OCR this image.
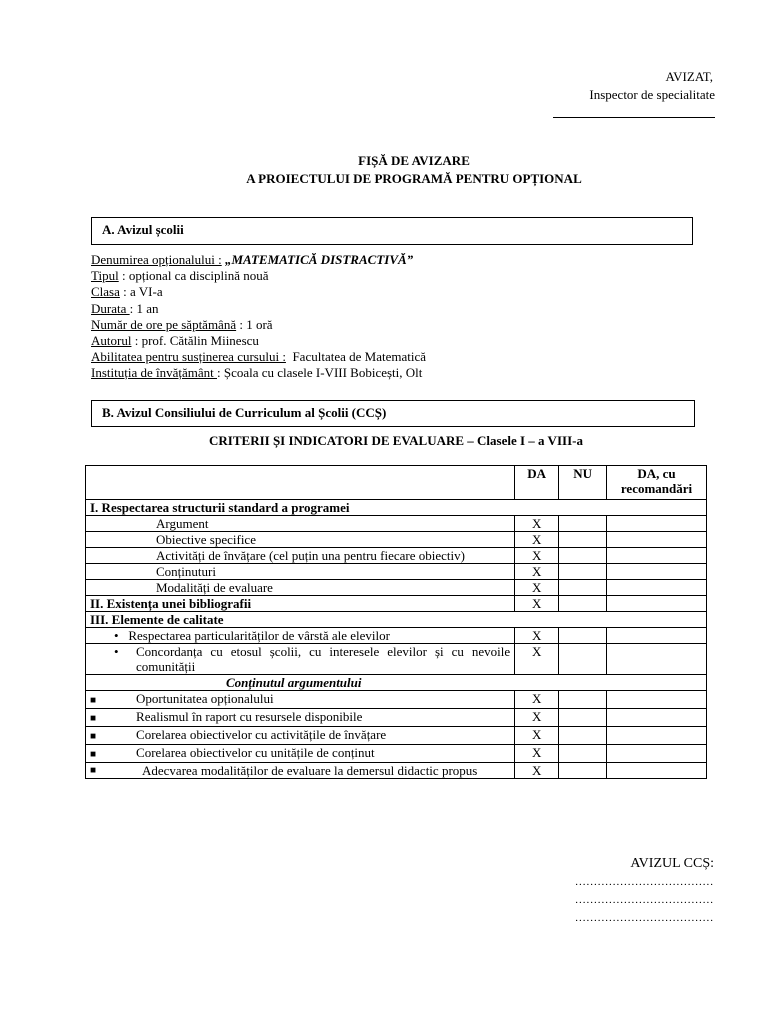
AVIZAT,
Inspector de specialitate
FIȘĂ DE AVIZARE
A PROIECTULUI DE PROGRAMĂ PENTRU OPȚIONAL
A. Avizul școlii
Denumirea opționalului : „MATEMATICĂ DISTRACTIVĂ”
Tipul : opțional ca disciplină nouă
Clasa : a VI-a
Durata : 1 an
Număr de ore pe săptămână : 1 oră
Autorul : prof. Cătălin Miinescu
Abilitatea pentru susținerea cursului :  Facultatea de Matematică
Instituția de învățământ : Școala cu clasele I-VIII Bobicești, Olt
B. Avizul Consiliului de Curriculum al Școlii (CCȘ)
CRITERII ȘI INDICATORI DE EVALUARE – Clasele I – a VIII-a
	DA	NU	DA, cu recomandări
I. Respectarea structurii standard a programei			
Argument	X		
Obiective specifice	X		
Activități de învățare (cel puțin una pentru fiecare obiectiv)	X		
Conținuturi	X		
Modalități de evaluare	X		
II. Existența unei bibliografii	X		
III. Elemente de calitate			
• Respectarea particularităților de vârstă ale elevilor	X		

• Concordanța cu etosul școlii, cu interesele elevilor și cu nevoile comunității	X		
Conținutul argumentului			
■ Oportunitatea opționalului	X		
■ Realismul în raport cu resursele disponibile	X		
■ Corelarea obiectivelor cu activitățile de învățare	X		
■ Corelarea obiectivelor cu unitățile de conținut	X		

■ Adecvarea modalităților de evaluare la demersul didactic propus	X		
AVIZUL CCȘ:
.....................................
.....................................
.....................................
